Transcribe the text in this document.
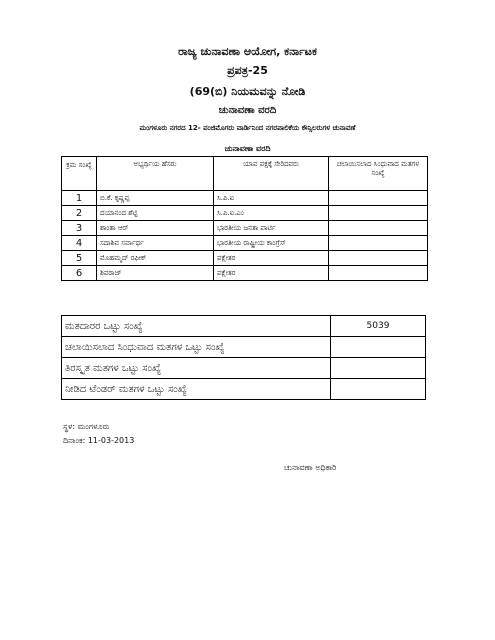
ರಾಜ್ಯ ಚುನಾವಣಾ ಆಯೋಗ, ಕರ್ನಾಟಕ
ಪ್ರಪತ್ರ-25
(69(ಬಿ) ನಿಯಮವನ್ನು ನೋಡಿ
ಚುನಾವಣಾ ವರದಿ
ಮಂಗಳೂರು ನಗರದ 12- ಪಂಜಿಮೊಗರು ವಾರ್ಡಿನಿಂದ ನಗರಪಾಲಿಕೆಯ ಕೌನ್ಸಿಲರುಗಳ ಚುನಾವಣೆ
ಚುನಾವಣಾ ವರದಿ
ಕ್ರಮ ಸಂಖ್ಯೆ	ಅಭ್ಯರ್ಥಿಯ ಹೆಸರು	ಯಾವ ಪಕ್ಷಕ್ಕೆ ಸೇರಿದವರು	ಚಲಾಯಿಸಲಾದ ಸಿಂಧುವಾದ ಮತಗಳ ಸಂಖ್ಯೆ
1	ಬಿ.ಕೆ. ಕೃಷ್ಣಪ್ಪ	ಸಿ.ಪಿ.ಐ	
2	ದಯಾನಂದ ಶೆಟ್ಟಿ	ಸಿ.ಪಿ.ಐ.ಎಂ	
3	ಶಾಂತಾ ಆರ್	ಭಾರತೀಯ ಜನತಾ ಪಾರ್ಟಿ	
4	ಸದಾಶಿವ ಸರ್ವಾರ್ಥ	ಭಾರತೀಯ ರಾಷ್ಟ್ರೀಯ ಕಾಂಗ್ರೆಸ್	
5	ಮೊಹಮ್ಮದ್ ರಫೀಕ್	ಪಕ್ಷೇತರ	
6	ಶಿವರಾಜ್	ಪಕ್ಷೇತರ	
ಮತದಾರರ ಒಟ್ಟು ಸಂಖ್ಯೆ	5039
ಚಲಾಯಿಸಲಾದ ಸಿಂಧುವಾದ ಮತಗಳ ಒಟ್ಟು ಸಂಖ್ಯೆ	
ತಿರಸ್ಕೃತ ಮತಗಳ ಒಟ್ಟು ಸಂಖ್ಯೆ	
ನೀಡಿದ ಟೆಂಡರ್ ಮತಗಳ ಒಟ್ಟು ಸಂಖ್ಯೆ	
ಸ್ಥಳ: ಮಂಗಳೂರು
ದಿನಾಂಕ: 11-03-2013
ಚುನಾವಣಾ ಅಧಿಕಾರಿ
